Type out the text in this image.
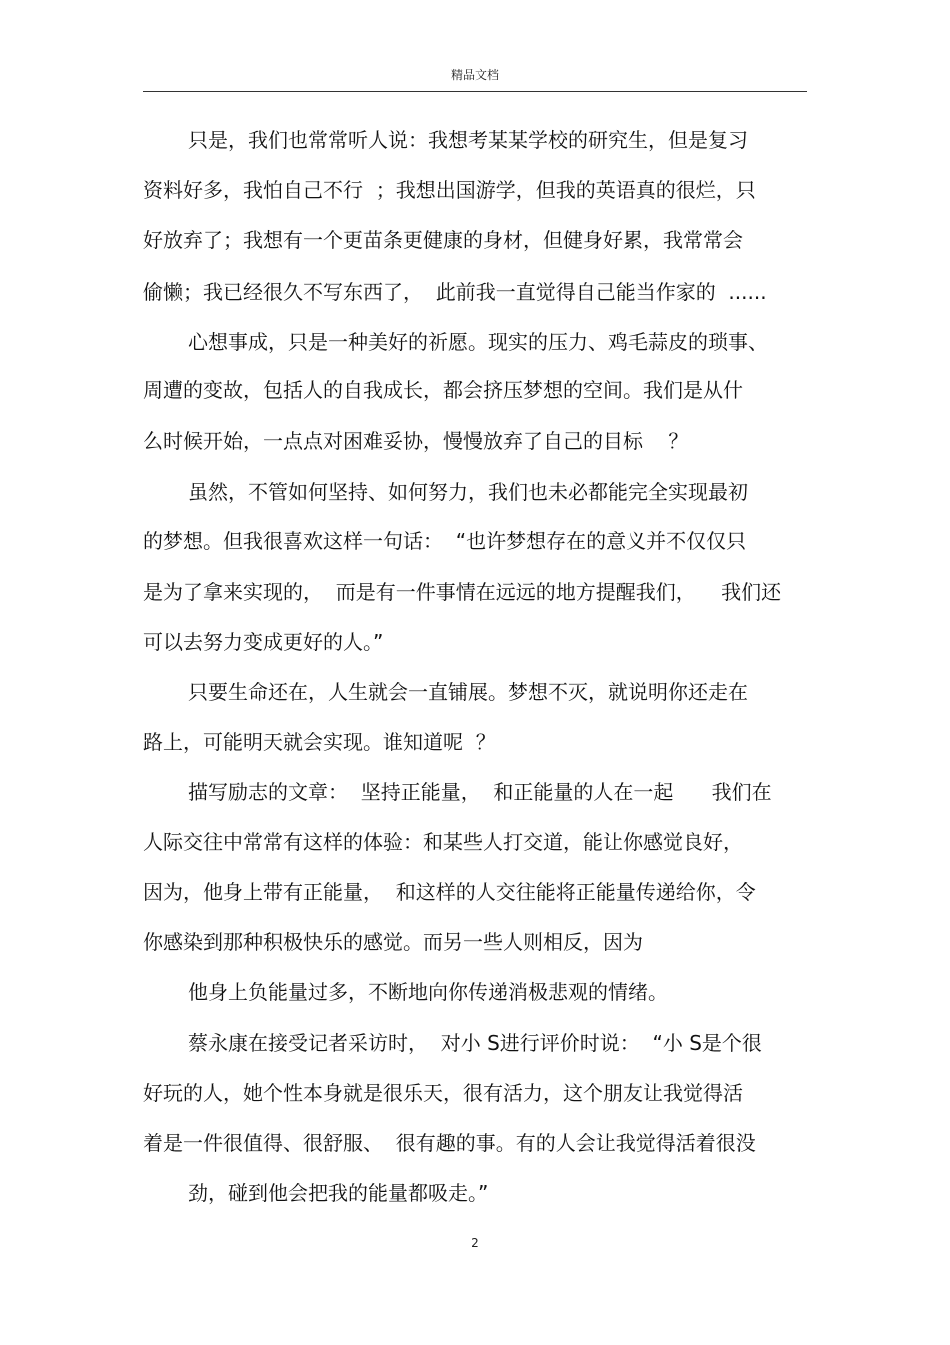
精品文档
只是，我们也常常听人说：我想考某某学校的研究生，但是复习
资料好多，我怕自己不行  ；我想出国游学，但我的英语真的很烂，只
好放弃了；我想有一个更苗条更健康的身材，但健身好累，我常常会
偷懒；我已经很久不写东西了，  此前我一直觉得自己能当作家的  ......
心想事成，只是一种美好的祈愿。现实的压力、鸡毛蒜皮的琐事、
周遭的变故，包括人的自我成长，都会挤压梦想的空间。我们是从什
么时候开始，一点点对困难妥协，慢慢放弃了自己的目标    ？
虽然，不管如何坚持、如何努力，我们也未必都能完全实现最初
的梦想。但我很喜欢这样一句话：  “也许梦想存在的意义并不仅仅只
是为了拿来实现的，  而是有一件事情在远远的地方提醒我们，    我们还
可以去努力变成更好的人。”
只要生命还在，人生就会一直铺展。梦想不灭，就说明你还走在
路上，可能明天就会实现。谁知道呢  ？
描写励志的文章：  坚持正能量，  和正能量的人在一起      我们在
人际交往中常常有这样的体验：和某些人打交道，能让你感觉良好，
因为，他身上带有正能量，  和这样的人交往能将正能量传递给你，令
你感染到那种积极快乐的感觉。而另一些人则相反，因为
他身上负能量过多，不断地向你传递消极悲观的情绪。
蔡永康在接受记者采访时，  对小 S进行评价时说：  “小 S是个很
好玩的人，她个性本身就是很乐天，很有活力，这个朋友让我觉得活
着是一件很值得、很舒服、  很有趣的事。有的人会让我觉得活着很没
劲，碰到他会把我的能量都吸走。”
2
